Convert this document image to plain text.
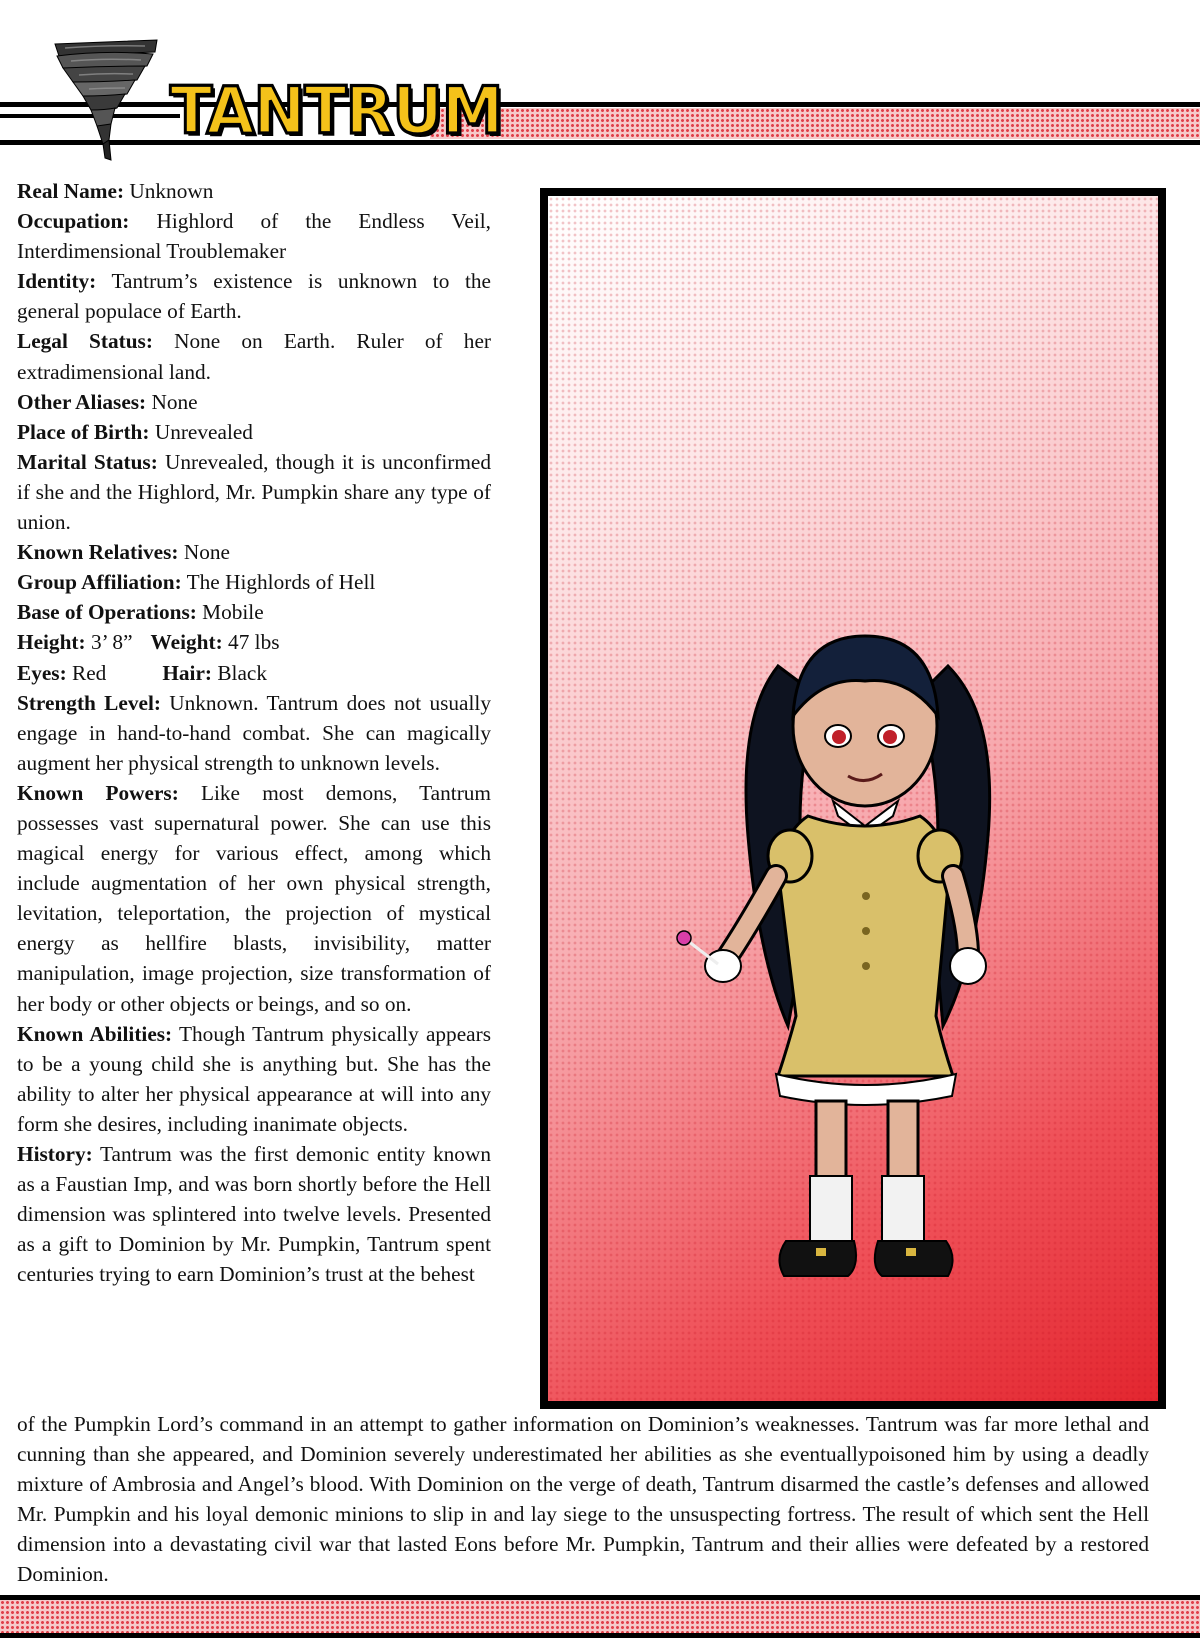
TANTRUM

Real Name: Unknown

Occupation: Highlord of the Endless Veil, Interdimensional Troublemaker

Identity: Tantrum’s existence is unknown to the general populace of Earth.

Legal Status: None on Earth. Ruler of her extradimensional land.

Other Aliases: None

Place of Birth: Unrevealed

Marital Status: Unrevealed, though it is unconfirmed if she and the Highlord, Mr. Pumpkin share any type of union.

Known Relatives: None

Group Affiliation: The Highlords of Hell

Base of Operations: Mobile

Height: 3’ 8” Weight: 47 lbs

Eyes: Red	Hair: Black

Strength Level: Unknown. Tantrum does not usually engage in hand-to-hand combat. She can magically augment her physical strength to unknown levels.

Known Powers: Like most demons, Tantrum possesses vast supernatural power. She can use this magical energy for various effect, among which include augmentation of her own physical strength, levitation, teleportation, the projection of mystical energy as hellfire blasts, invisibility, matter manipulation, image projection, size transformation of her body or other objects or beings, and so on.

Known Abilities: Though Tantrum physically appears to be a young child she is anything but. She has the ability to alter her physical appearance at will into any form she desires, including inanimate objects.

History: Tantrum was the first demonic entity known as a Faustian Imp, and was born shortly before the Hell dimension was splintered into twelve levels. Presented as a gift to Dominion by Mr. Pumpkin, Tantrum spent centuries trying to earn Dominion’s trust at the behest

of the Pumpkin Lord’s command in an attempt to gather information on Dominion’s weaknesses. Tantrum was far more lethal and cunning than she appeared, and Dominion severely underestimated her abilities as she eventuallypoisoned him by using a deadly mixture of Ambrosia and Angel’s blood. With Dominion on the verge of death, Tantrum disarmed the castle’s defenses and allowed Mr. Pumpkin and his loyal demonic minions to slip in and lay siege to the unsuspecting fortress. The result of which sent the Hell dimension into a devastating civil war that lasted Eons before Mr. Pumpkin, Tantrum and their allies were defeated by a restored Dominion.
